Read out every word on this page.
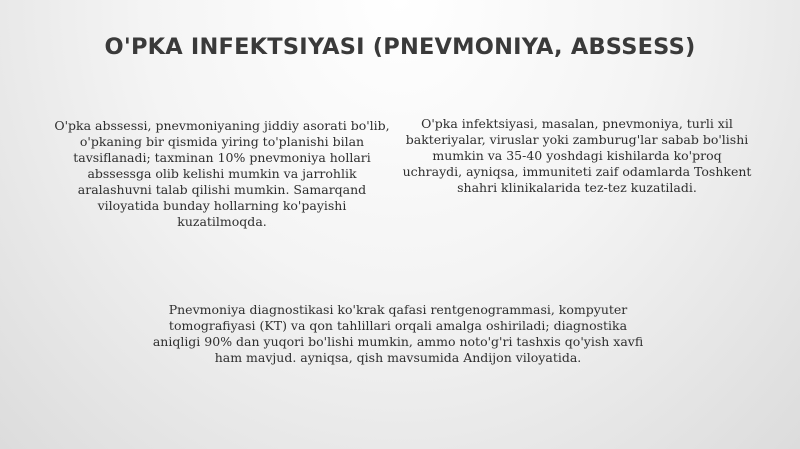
O'PKA INFEKTSIYASI (PNEVMONIYA, ABSSESS)

O'pka abssessi, pnevmoniyaning jiddiy asorati bo'lib, o'pkaning bir qismida yiring to'planishi bilan tavsiflanadi; taxminan 10% pnevmoniya hollari abssessga olib kelishi mumkin va jarrohlik aralashuvni talab qilishi mumkin. Samarqand viloyatida bunday hollarning ko'payishi kuzatilmoqda.

O'pka infektsiyasi, masalan, pnevmoniya, turli xil bakteriyalar, viruslar yoki zamburug'lar sabab bo'lishi mumkin va 35-40 yoshdagi kishilarda ko'proq uchraydi, ayniqsa, immuniteti zaif odamlarda Toshkent shahri klinikalarida tez-tez kuzatiladi.

Pnevmoniya diagnostikasi ko'krak qafasi rentgenogrammasi, kompyuter tomografiyasi (KT) va qon tahlillari orqali amalga oshiriladi; diagnostika aniqligi 90% dan yuqori bo'lishi mumkin, ammo noto'g'ri tashxis qo'yish xavfi ham mavjud. ayniqsa, qish mavsumida Andijon viloyatida.
